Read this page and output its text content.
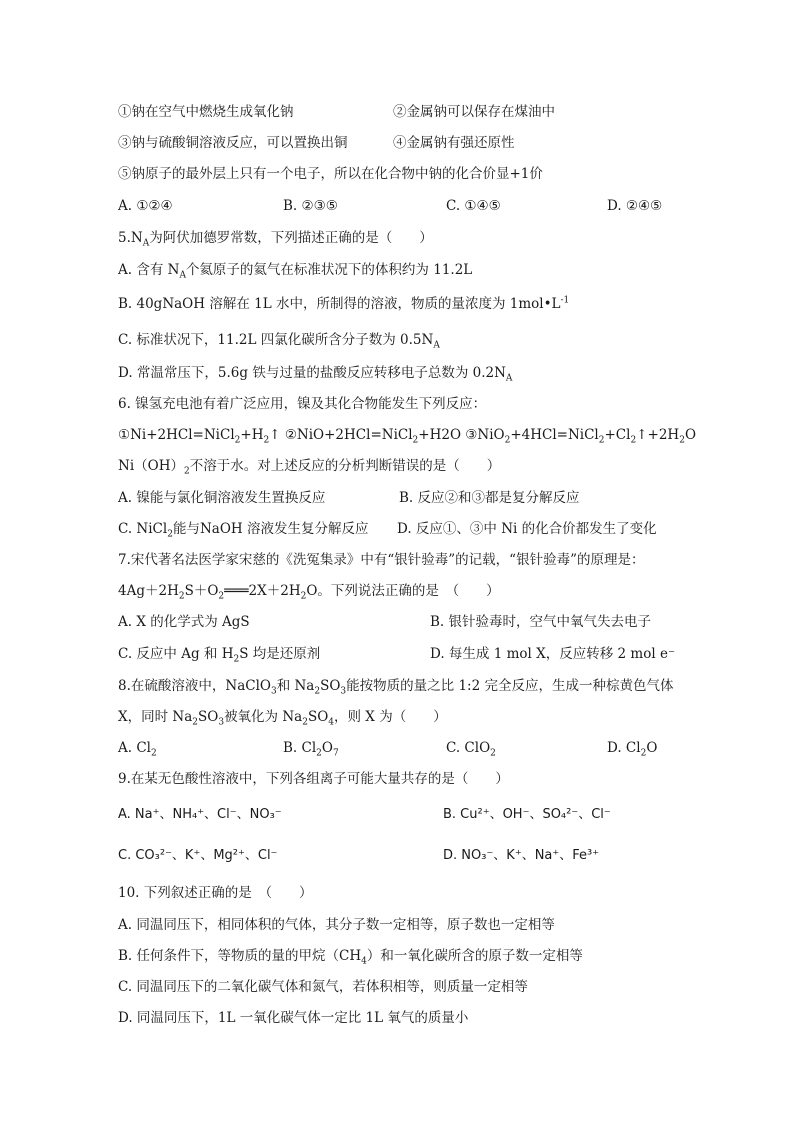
①钠在空气中燃烧生成氧化钠	②金属钠可以保存在煤油中
③钠与硫酸铜溶液反应，可以置换出铜	④金属钠有强还原性
⑤钠原子的最外层上只有一个电子，所以在化合物中钠的化合价显+1价
A. ①②④	B. ②③⑤	C. ①④⑤	D. ②④⑤
$5.N_A$为阿伏加德罗常数，下列描述正确的是（　　）
A. 含有 $N_A$个氦原子的氦气在标准状况下的体积约为 11.2L
B. 40gNaOH 溶解在 1L 水中，所制得的溶液，物质的量浓度为 $1mol•L^{-1}$
C. 标准状况下，11.2L 四氯化碳所含分子数为 $0.5N_A$
D. 常温常压下，5.6g 铁与过量的盐酸反应转移电子总数为 $0.2N_A$
6. 镍氢充电池有着广泛应用，镍及其化合物能发生下列反应：
$①Ni+2HCl=NiCl_2+H_2↑$ ②NiO+2HCl=NiCl$_2$+H2O $③NiO_2+4HCl=NiCl_2+Cl_2↑+2H_2O$
$Ni(OH)_2$不溶于水。对上述反应的分析判断错误的是（　　）
A. 镍能与氯化铜溶液发生置换反应	B. 反应②和③都是复分解反应
C. NiCl$_2$能与NaOH 溶液发生复分解反应 D. 反应①、③中 Ni 的化合价都发生了变化
7.宋代著名法医学家宋慈的《洗冤集录》中有“银针验毒”的记载，“银针验毒”的原理是：
$4Ag+2H_2S+O_2═══2X+2H_2O$。下列说法正确的是　（　　）
A. X 的化学式为 AgS	B. 银针验毒时，空气中氧气失去电子
C. 反应中 Ag 和 $H_2S$ 均是还原剂	D. 每生成 1 mol X，反应转移 2 mol e⁻
8.在硫酸溶液中，NaClO$_3$和 $Na_2SO_3$能按物质的量之比 1:2 完全反应，生成一种棕黄色气体
X，同时 $Na_2SO_3$被氧化为 $Na_2SO_4$，则 X 为（　　）
A. $Cl_2$	B. $Cl_2O_7$	C. ClO$_2$	D. $Cl_2O$
9.在某无色酸性溶液中，下列各组离子可能大量共存的是（　　）
A. Na⁺、NH₄⁺、Cl⁻、NO₃⁻	B. Cu²⁺、OH⁻、SO₄²⁻、Cl⁻
C. CO₃²⁻、K⁺、Mg²⁺、Cl⁻	D. NO₃⁻、K⁺、Na⁺、Fe³⁺
10. 下列叙述正确的是　（　　）
A. 同温同压下，相同体积的气体，其分子数一定相等，原子数也一定相等
B. 任何条件下，等物质的量的甲烷$(CH_4)$和一氧化碳所含的原子数一定相等
C. 同温同压下的二氧化碳气体和氮气，若体积相等，则质量一定相等
D. 同温同压下，1L 一氧化碳气体一定比 1L 氧气的质量小
